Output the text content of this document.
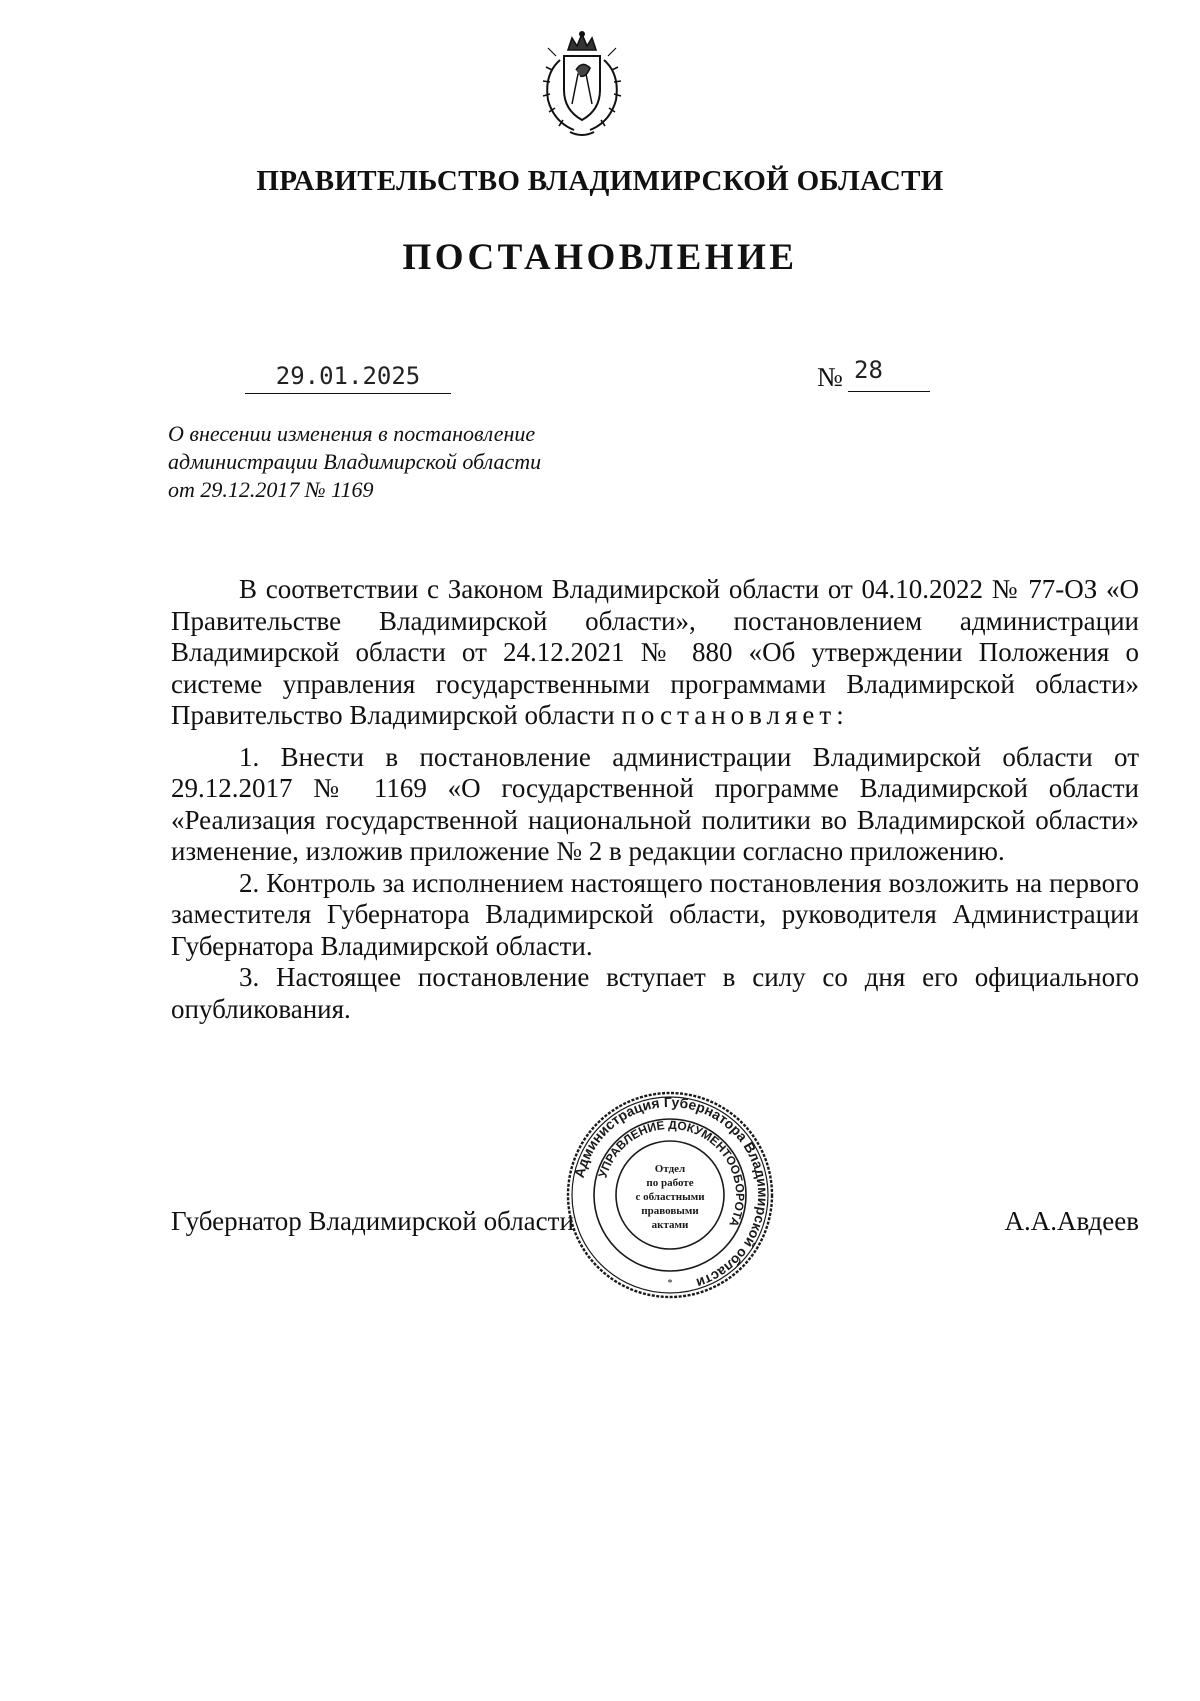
ПРАВИТЕЛЬСТВО ВЛАДИМИРСКОЙ ОБЛАСТИ
ПОСТАНОВЛЕНИЕ
29.01.2025	№ 28
О внесении изменения в постановление
администрации Владимирской области
от 29.12.2017 № 1169

В соответствии с Законом Владимирской области от 04.10.2022 № 77-ОЗ «О Правительстве Владимирской области», постановлением администрации Владимирской области от 24.12.2021 № 880 «Об утверждении Положения о системе управления государственными программами Владимирской области» Правительство Владимирской области постановляет:

1. Внести в постановление администрации Владимирской области от 29.12.2017 № 1169 «О государственной программе Владимирской области «Реализация государственной национальной политики во Владимирской области» изменение, изложив приложение № 2 в редакции согласно приложению.

2. Контроль за исполнением настоящего постановления возложить на первого заместителя Губернатора Владимирской области, руководителя Администрации Губернатора Владимирской области.

3. Настоящее постановление вступает в силу со дня его официального опубликования.

Губернатор Владимирской области	А.А.Авдеев
Администрация Губернатора Владимирской области
УПРАВЛЕНИЕ ДОКУМЕНТООБОРОТА
Отдел
по работе
с областными
правовыми
актами
*
